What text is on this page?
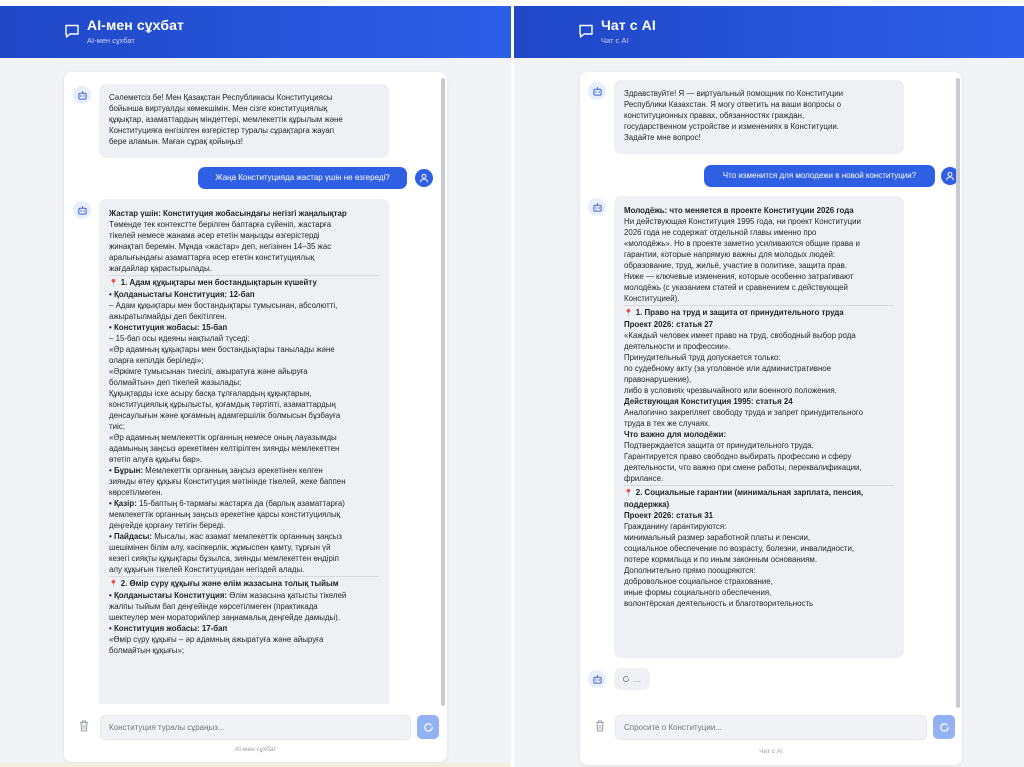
AI-мен сұхбат
AI-мен сұхбат
Сәлеметсіз бе! Мен Қазақстан Республикасы Конституциясы
бойынша виртуалды көмекшімін. Мен сізге конституциялық
құқықтар, азаматтардың міндеттері, мемлекеттік құрылым және
Конституцияға енгізілген өзгерістер туралы сұрақтарға жауап
бере аламын. Маған сұрақ қойыңыз!
Жаңа Конституцияда жастар үшін не өзгереді?
Жастар үшін: Конституция жобасындағы негізгі жаңалықтар
Төменде тек контекстте берілген баптарға сүйеніп, жастарға
тікелей немесе жанама әсер ететін маңызды өзгерістерді
жинақтап беремін. Мұнда «жастар» деп, негізінен 14–35 жас
аралығындағы азаматтарға әсер ететін конституциялық
жағдайлар қарастырылады.
📍 1. Адам құқықтары мен бостандықтарын күшейту
• Қолданыстағы Конституция: 12-бап
– Адам құқықтары мен бостандықтары тумысынан, абсолютті,
ажыратылмайды деп бекітілген.
• Конституция жобасы: 15-бап
– 15-бап осы идеяны нақтылай түседі:
«Әр адамның құқықтары мен бостандықтары танылады және
оларға кепілдік беріледі»;
«Әркімге тумысынан тиесілі, ажыратуға және айыруға
болмайтын» деп тікелей жазылады;
Құқықтарды іске асыру басқа тұлғалардың құқықтарын,
конституциялық құрылысты, қоғамдық тәртіпті, азаматтардың
денсаулығын және қоғамның адамгершілік болмысын бұзбауға
тиіс;
«Әр адамның мемлекеттік органның немесе оның лауазымды
адамының заңсыз әрекетімен келтірілген зиянды мемлекеттен
өтетіп алуға құқығы бар».
• Бұрын: Мемлекеттік органның заңсыз әрекетінен келген
зиянды өтеу құқығы Конституция мәтінінде тікелей, жеке баппен
көрсетілмеген.
• Қазір: 15-баптың 6-тармағы жастарға да (барлық азаматтарға)
мемлекеттік органның заңсыз әрекетіне қарсы конституциялық
деңгейде қорғану тетігін береді.
• Пайдасы: Мысалы, жас азамат мемлекеттік органның заңсыз
шешімінен білім алу, кәсіпкерлік, жұмыспен қамту, тұрғын үй
кезегі сияқты құқықтары бұзылса, зиянды мемлекеттен өндіріп
алу құқығын тікелей Конституциядан негіздей алады.
📍 2. Өмір сүру құқығы және өлім жазасына толық тыйым
• Қолданыстағы Конституция: Өлім жазасына қатысты тікелей
жалпы тыйым бап деңгейінде көрсетілмеген (практикада
шектеулер мен мораторийлер заңнамалық деңгейде дамыды).
• Конституция жобасы: 17-бап
«Өмір сүру құқығы – әр адамның ажыратуға және айыруға
болмайтын құқығы»;
Конституция туралы сұраңыз...
AI-мен сұхбат
Чат с AI
Чат с AI
Здравствуйте! Я — виртуальный помощник по Конституции
Республики Казахстан. Я могу ответить на ваши вопросы о
конституционных правах, обязанностях граждан,
государственном устройстве и изменениях в Конституции.
Задайте мне вопрос!
Что изменится для молодежи в новой конституции?
Молодёжь: что меняется в проекте Конституции 2026 года
Ни действующая Конституция 1995 года, ни проект Конституции
2026 года не содержат отдельной главы именно про
«молодёжь». Но в проекте заметно усиливаются общие права и
гарантии, которые напрямую важны для молодых людей:
образование, труд, жильё, участие в политике, защита прав.
Ниже — ключевые изменения, которые особенно затрагивают
молодёжь (с указанием статей и сравнением с действующей
Конституцией).
📍 1. Право на труд и защита от принудительного труда
Проект 2026: статья 27
«Каждый человек имеет право на труд, свободный выбор рода
деятельности и профессии».
Принудительный труд допускается только:
по судебному акту (за уголовное или административное
правонарушение),
либо в условиях чрезвычайного или военного положения.
Действующая Конституция 1995: статья 24
Аналогично закрепляет свободу труда и запрет принудительного
труда в тех же случаях.
Что важно для молодёжи:
Подтверждается защита от принудительного труда.
Гарантируется право свободно выбирать профессию и сферу
деятельности, что важно при смене работы, переквалификации,
фрилансе.
📍 2. Социальные гарантии (минимальная зарплата, пенсия,
поддержка)
Проект 2026: статья 31
Гражданину гарантируются:
минимальный размер заработной платы и пенсии,
социальное обеспечение по возрасту, болезни, инвалидности,
потере кормильца и по иным законным основаниям.
Дополнительно прямо поощряются:
добровольное социальное страхование,
иные формы социального обеспечения,
волонтёрская деятельность и благотворительность
…
Спросите о Конституции...
Чат с AI
